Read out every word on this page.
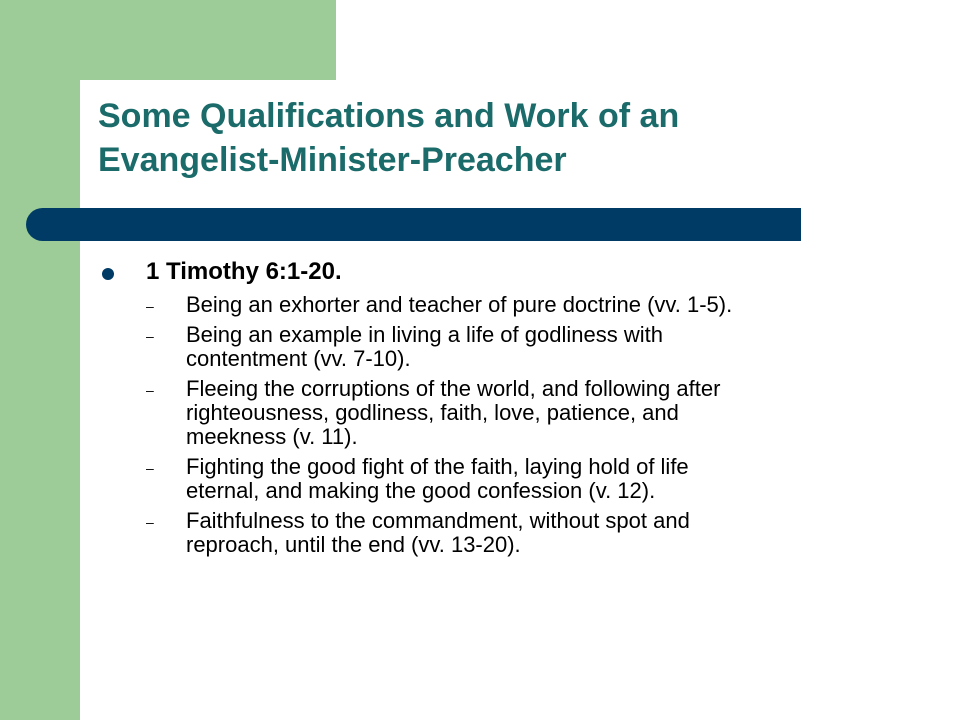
Some Qualifications and Work of an
Evangelist-Minister-Preacher
1 Timothy 6:1-20.
– Being an exhorter and teacher of pure doctrine (vv. 1-5).
– Being an example in living a life of godliness with
contentment (vv. 7-10).
– Fleeing the corruptions of the world, and following after
righteousness, godliness, faith, love, patience, and
meekness (v. 11).
– Fighting the good fight of the faith, laying hold of life
eternal, and making the good confession (v. 12).
– Faithfulness to the commandment, without spot and
reproach, until the end (vv. 13-20).
